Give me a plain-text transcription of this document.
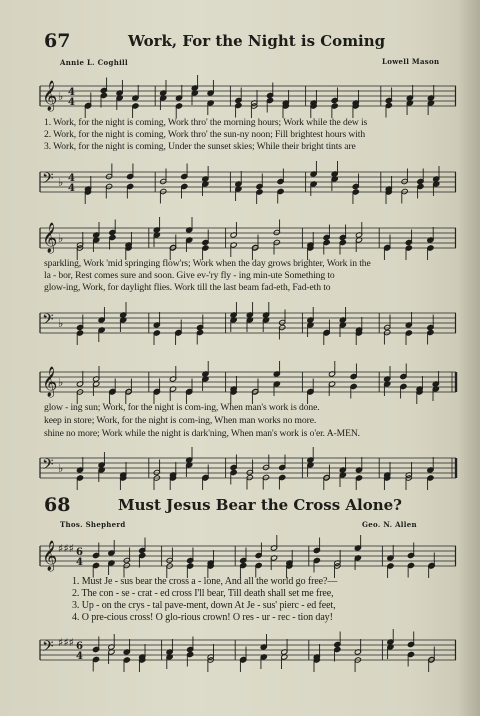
67	Work, For the Night is Coming
Annie L. Coghill	Lowell Mason
𝄞 ♭ 4
4
1. Work, for the night is coming, Work thro' the morning hours; Work while the dew is
2. Work, for the night is coming, Work thro' the sun-ny noon; Fill brightest hours with
3. Work, for the night is coming, Under the sunset skies; While their bright tints are
𝄢 ♭ 4
4
𝄞 ♭
sparkling, Work 'mid springing flow'rs; Work when the day grows brighter, Work in the
la - bor, Rest comes sure and soon. Give ev-'ry fly - ing min-ute Something to
glow-ing, Work, for daylight flies. Work till the last beam fad-eth, Fad-eth to
𝄢 ♭
𝄞 ♭
glow - ing sun; Work, for the night is com-ing, When man's work is done.
keep in store; Work, for the night is com-ing, When man works no more.
shine no more; Work while the night is dark'ning, When man's work is o'er. A-MEN.
𝄢 ♭
68	Must Jesus Bear the Cross Alone?
Thos. Shepherd	Geo. N. Allen
𝄞 ♯♯♯ 6
4
1. Must Je - sus bear the cross a - lone, And all the world go free?—
2. The con - se - crat - ed cross I'll bear, Till death shall set me free,
3. Up - on the crys - tal pave-ment, down At Je - sus' pierc - ed feet,
4. O pre-cious cross! O glo-rious crown! O res - ur - rec - tion day!
𝄢 ♯♯♯ 6
4
